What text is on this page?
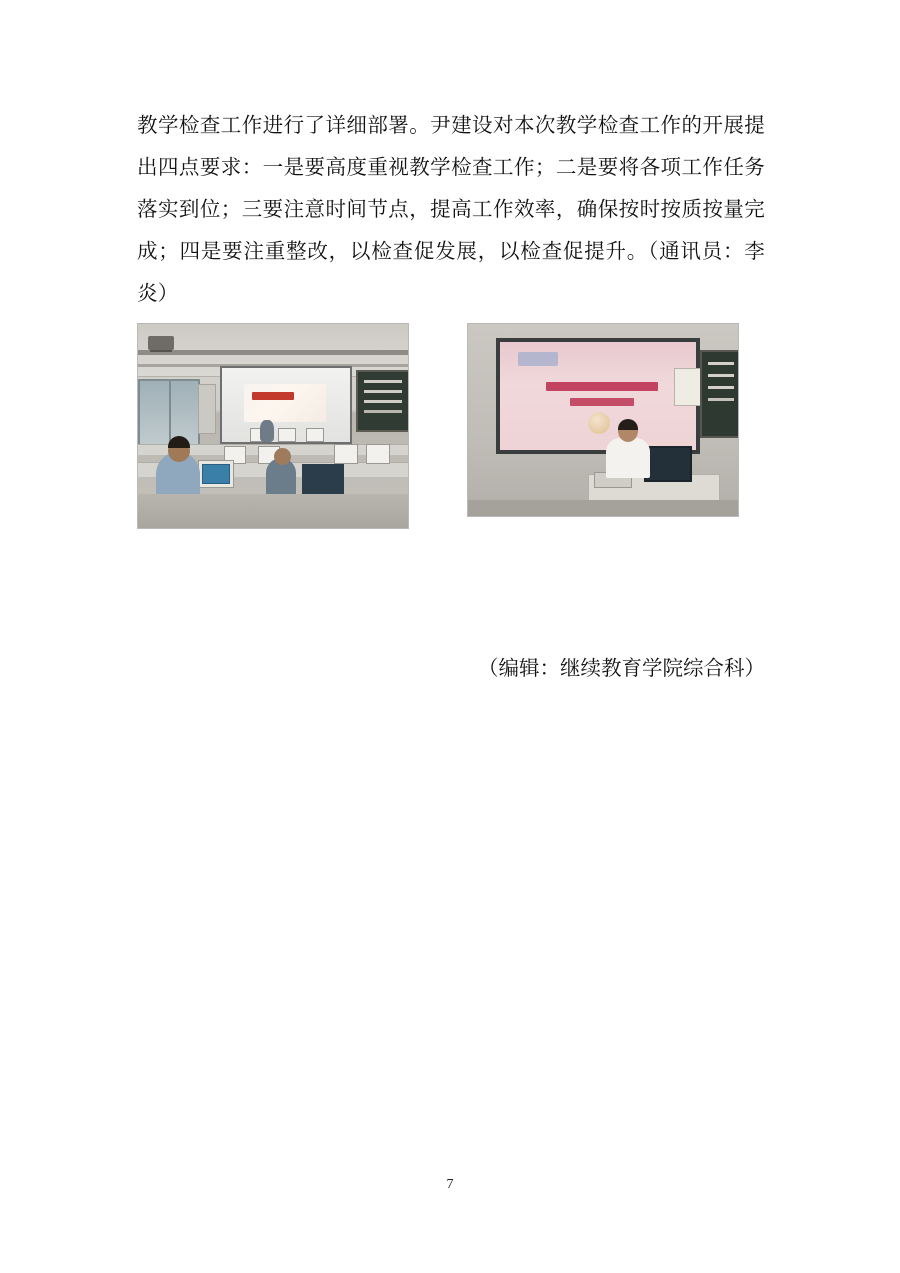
教学检查工作进行了详细部署。尹建设对本次教学检查工作的开展提出四点要求：一是要高度重视教学检查工作；二是要将各项工作任务落实到位；三要注意时间节点，提高工作效率，确保按时按质按量完成；四是要注重整改，以检查促发展，以检查促提升。（通讯员：李炎）

（编辑：继续教育学院综合科）
7
